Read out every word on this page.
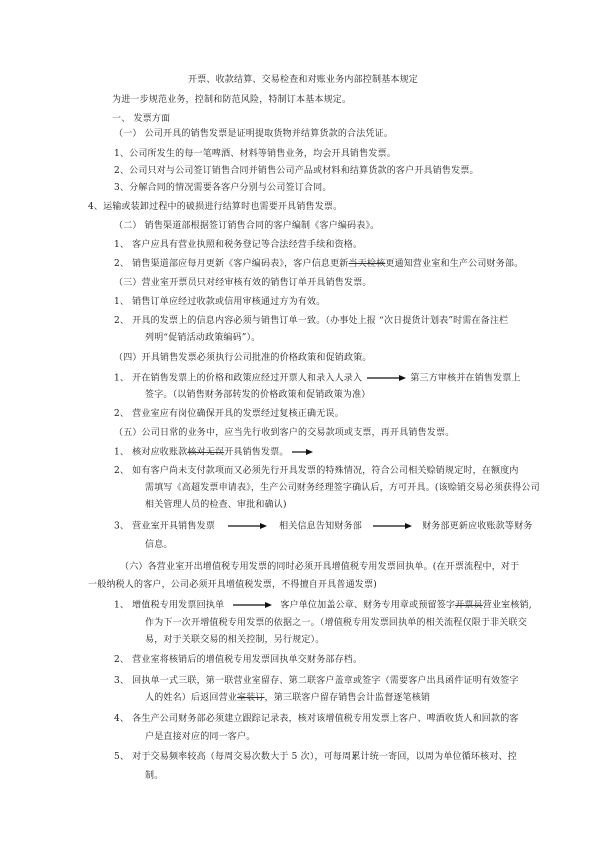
开票、收款结算、交易检查和对账业务内部控制基本规定
为进一步规范业务，控制和防范风险，特制订本基本规定。
一、 发票方面
（一） 公司开具的销售发票是证明提取货物并结算货款的合法凭证。
1、公司所发生的每一笔啤酒、材料等销售业务，均会开具销售发票。
2、公司只对与公司签订销售合同并销售公司产品或材料和结算货款的客户开具销售发票。
3、分解合同的情况需要各客户分别与公司签订合同。
4、运输或装卸过程中的破损进行结算时也需要开具销售发票。
（二） 销售渠道部根据签订销售合同的客户编制《客户编码表》。
1、 客户应具有营业执照和税务登记等合法经营手续和资格。
2、 销售渠道部应每月更新《客户编码表》，客户信息更新当天检核更通知营业室和生产公司财务部。
（三）营业室开票员只对经审核有效的销售订单开具销售发票。
1、 销售订单应经过收款或信用审核通过方为有效。
2、 开具的发票上的信息内容必须与销售订单一致。（办事处上报 “次日提货计划表”时需在备注栏
列明“促销活动政策编码”）。
（四）开具销售发票必须执行公司批准的价格政策和促销政策。
1、 开在销售发票上的价格和政策应经过开票人和录入人录入	第三方审核并在销售发票上
签字。（以销售财务部转发的价格政策和促销政策为准）
2、 营业室应有岗位确保开具的发票经过复核正确无误。
（五）公司日常的业务中，应当先行收到客户的交易款项或支票，再开具销售发票。
1、 核对应收账款核对无误开具销售发票。
2、 如有客户尚未支付款项而又必须先行开具发票的特殊情况，符合公司相关赊销规定时，在额度内
需填写《高超发票申请表》，生产公司财务经理签字确认后，方可开具。(该赊销交易必须获得公司
相关管理人员的检查、审批和确认)
3、 营业室开具销售发票	相关信息告知财务部	财务部更新应收账款等财务
信息。
（六）各营业室开出增值税专用发票的同时必须开具增值税专用发票回执单。(在开票流程中，对于
一般纳税人的客户，公司必须开具增值税发票，不得擅自开具普通发票)
1、 增值税专用发票回执单	客户单位加盖公章、财务专用章或预留签字开票员营业室核销,
作为下一次开增值税专用发票的依据之一。（增值税专用发票回执单的相关流程仅限于非关联交
易，对于关联交易的相关控制，另行规定）。
2、 营业室将核销后的增值税专用发票回执单交财务部存档。
3、 回执单一式三联，第一联营业室留存、第二联客户盖章或签字（需要客户出具函件证明有效签字
人的姓名）后返回营业室装订，第三联客户留存销售会计监督逐笔核销
4、 各生产公司财务部必须建立跟踪记录表，核对该增值税专用发票上客户、啤酒收货人和回款的客
户是直接对应的同一客户。
5、 对于交易频率较高（每周交易次数大于 5 次），可每周累计统一寄回，以周为单位循环核对、控
制。
